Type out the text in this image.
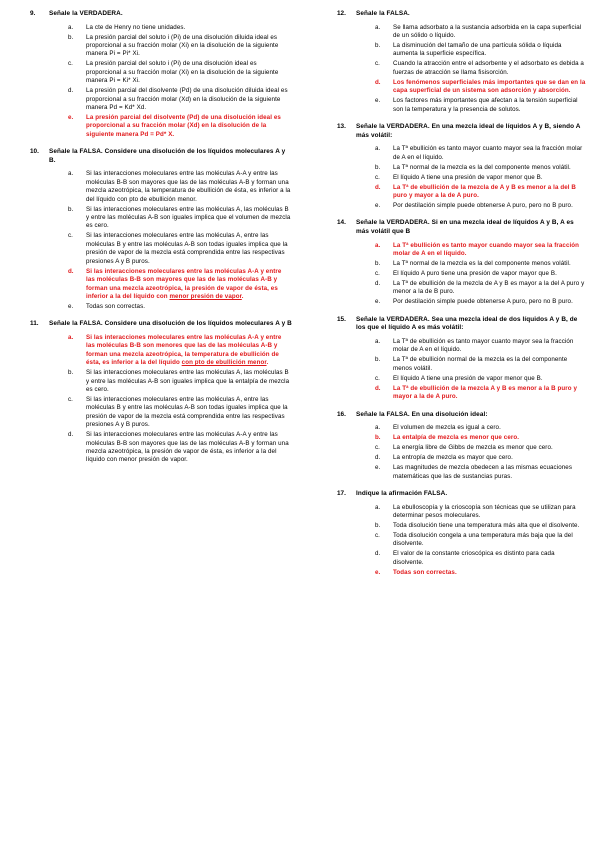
9.	Señale la VERDADERA.
a.	La cte de Henry no tiene unidades.
b.	La presión parcial del soluto i (Pi) de una disolución diluida ideal es proporcional a su fracción molar (Xi) en la disolución de la siguiente manera Pi = Pi* Xi.
c.	La presión parcial del soluto i (Pi) de una disolución ideal es proporcional a su fracción molar (Xi) en la disolución de la siguiente manera Pi = Ki* Xi.
d.	La presión parcial del disolvente (Pd) de una disolución diluida ideal es proporcional a su fracción molar (Xd) en la disolución de la siguiente manera Pd = Kd* Xd.
e.	La presión parcial del disolvente (Pd) de una disolución ideal es proporcional a su fracción molar (Xd) en la disolución de la siguiente manera Pd = Pd* X.
10.	Señale la FALSA. Considere una disolución de los líquidos moleculares A y B.
a.	Si las interacciones moleculares entre las moléculas A-A y entre las moléculas B-B son mayores que las de las moléculas A-B y forman una mezcla azeotrópica, la temperatura de ebullición de ésta, es inferior a la del líquido con pto de ebullición menor.
b.	Si las interacciones moleculares entre las moléculas A, las moléculas B y entre las moléculas A-B son iguales implica que el volumen de mezcla es cero.
c.	Si las interacciones moleculares entre las moléculas A, entre las moléculas B y entre las moléculas A-B son todas iguales implica que la presión de vapor de la mezcla está comprendida entre las respectivas presiones A y B puros.
d.	Si las interacciones moleculares entre las moléculas A-A y entre las moléculas B-B son mayores que las de las moléculas A-B y forman una mezcla azeotrópica, la presión de vapor de ésta, es inferior a la del líquido con menor presión de vapor.
e.	Todas son correctas.
11.	Señale la FALSA. Considere una disolución de los líquidos moleculares A y B
a.	Si las interacciones moleculares entre las moléculas A-A y entre las moléculas B-B son menores que las de las moléculas A-B y forman una mezcla azeotrópica, la temperatura de ebullición de ésta, es inferior a la del líquido con pto de ebullición menor.
b.	Si las interacciones moleculares entre las moléculas A, las moléculas B y entre las moléculas A-B son iguales implica que la entalpía de mezcla es cero.
c.	Si las interacciones moleculares entre las moléculas A, entre las moléculas B y entre las moléculas A-B son todas iguales implica que la presión de vapor de la mezcla está comprendida entre las respectivas presiones A y B puros.
d.	Si las interacciones moleculares entre las moléculas A-A y entre las moléculas B-B son mayores que las de las moléculas A-B y forman una mezcla azeotrópica, la presión de vapor de ésta, es inferior a la del líquido con menor presión de vapor.
12.	Señale la FALSA.
a.	Se llama adsorbato a la sustancia adsorbida en la capa superficial de un sólido o líquido.
b.	La disminución del tamaño de una partícula sólida o líquida aumenta la superficie específica.
c.	Cuando la atracción entre el adsorbente y el adsorbato es debida a fuerzas de atracción se llama fisisorción.
d.	Los fenómenos superficiales más importantes que se dan en la capa superficial de un sistema son adsorción y absorción.
e.	Los factores más importantes que afectan a la tensión superficial son la temperatura y la presencia de solutos.
13.	Señale la VERDADERA. En una mezcla ideal de líquidos A y B, siendo A más volátil:
a.	La Tª ebullición es tanto mayor cuanto mayor sea la fracción molar de A en el líquido.
b.	La Tª normal de la mezcla es la del componente menos volátil.
c.	El líquido A tiene una presión de vapor menor que B.
d.	La Tª de ebullición de la mezcla de A y B es menor a la del B puro y mayor a la de A puro.
e.	Por destilación simple puede obtenerse A puro, pero no B puro.
14.	Señale la VERDADERA. Si en una mezcla ideal de líquidos A y B, A es más volátil que B
a.	La Tª ebullición es tanto mayor cuando mayor sea la fracción molar de A en el líquido.
b.	La Tª normal de la mezcla es la del componente menos volátil.
c.	El líquido A puro tiene una presión de vapor mayor que B.
d.	La Tª de ebullición de la mezcla de A y B es mayor a la del A puro y menor a la de B puro.
e.	Por destilación simple puede obtenerse A puro, pero no B puro.
15.	Señale la VERDADERA. Sea una mezcla ideal de dos líquidos A y B, de los que el líquido A es más volátil:
a.	La Tª de ebullición es tanto mayor cuanto mayor sea la fracción molar de A en el líquido.
b.	La Tª de ebullición normal de la mezcla es la del componente menos volátil.
c.	El líquido A tiene una presión de vapor menor que B.
d.	La Tª de ebullición de la mezcla A y B es menor a la B puro y mayor a la de A puro.
16.	Señale la FALSA. En una disolución ideal:
a.	El volumen de mezcla es igual a cero.
b.	La entalpía de mezcla es menor que cero.
c.	La energía libre de Gibbs de mezcla es menor que cero.
d.	La entropía de mezcla es mayor que cero.
e.	Las magnitudes de mezcla obedecen a las mismas ecuaciones matemáticas que las de sustancias puras.
17.	Indique la afirmación FALSA.
a.	La ebulloscopía y la crioscopía son técnicas que se utilizan para determinar pesos moleculares.
b.	Toda disolución tiene una temperatura más alta que el disolvente.
c.	Toda disolución congela a una temperatura más baja que la del disolvente.
d.	El valor de la constante crioscópica es distinto para cada disolvente.
e.	Todas son correctas.
